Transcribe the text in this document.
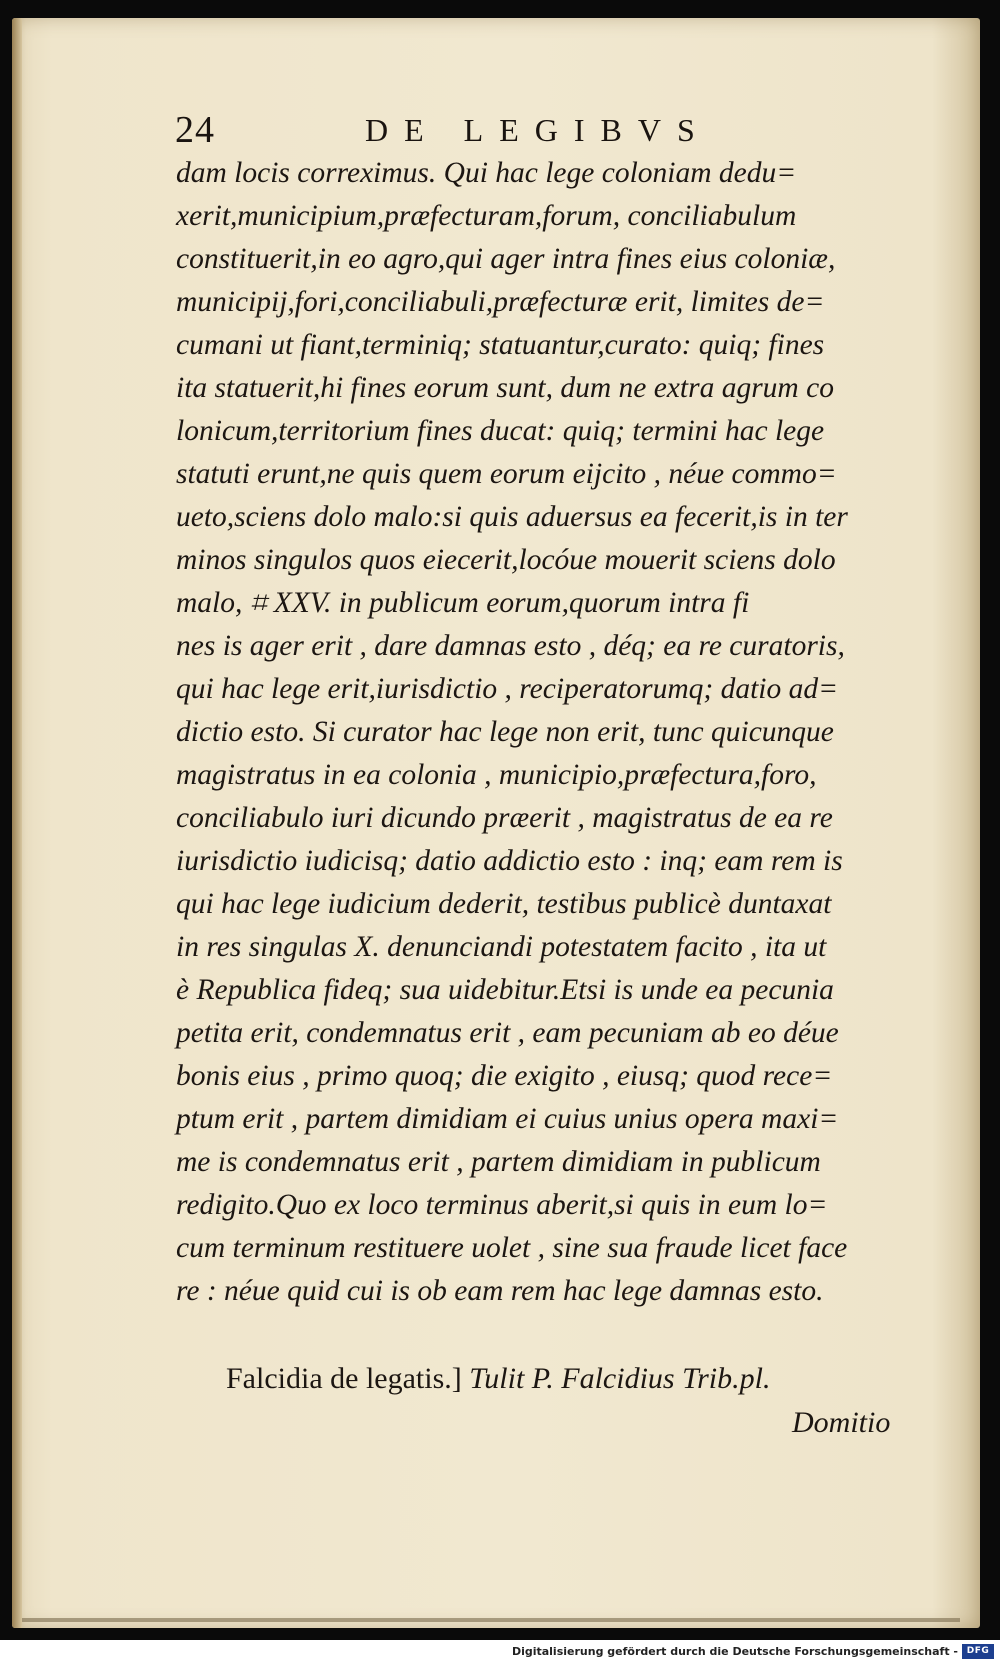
24	DE LEGIBVS
dam locis correximus. Qui hac lege coloniam dedu=
xerit,municipium,præfecturam,forum, conciliabulum
constituerit,in eo agro,qui ager intra fines eius coloniæ,
municipij,fori,conciliabuli,præfecturæ erit, limites de=
cumani ut fiant,terminiq; statuantur,curato: quiq; fines
ita statuerit,hi fines eorum sunt, dum ne extra agrum co
lonicum,territorium fines ducat: quiq; termini hac lege
statuti erunt,ne quis quem eorum eijcito , néue commo=
ueto,sciens dolo malo:si quis aduersus ea fecerit,is in ter
minos singulos quos eiecerit,locóue mouerit sciens dolo
malo, ⌗ XXV. in publicum eorum,quorum intra fi
nes is ager erit , dare damnas esto , déq; ea re curatoris,
qui hac lege erit,iurisdictio , reciperatorumq; datio ad=
dictio esto. Si curator hac lege non erit, tunc quicunque
magistratus in ea colonia , municipio,præfectura,foro,
conciliabulo iuri dicundo præerit , magistratus de ea re
iurisdictio iudicisq; datio addictio esto : inq; eam rem is
qui hac lege iudicium dederit, testibus publicè duntaxat
in res singulas X. denunciandi potestatem facito , ita ut
è Republica fideq; sua uidebitur.Etsi is unde ea pecunia
petita erit, condemnatus erit , eam pecuniam ab eo déue
bonis eius , primo quoq; die exigito , eiusq; quod rece=
ptum erit , partem dimidiam ei cuius unius opera maxi=
me is condemnatus erit , partem dimidiam in publicum
redigito.Quo ex loco terminus aberit,si quis in eum lo=
cum terminum restituere uolet , sine sua fraude licet face
re : néue quid cui is ob eam rem hac lege damnas esto.
Falcidia de legatis.] Tulit P. Falcidius Trib.pl.
Domitio
Digitalisierung gefördert durch die Deutsche Forschungsgemeinschaft - DFG
